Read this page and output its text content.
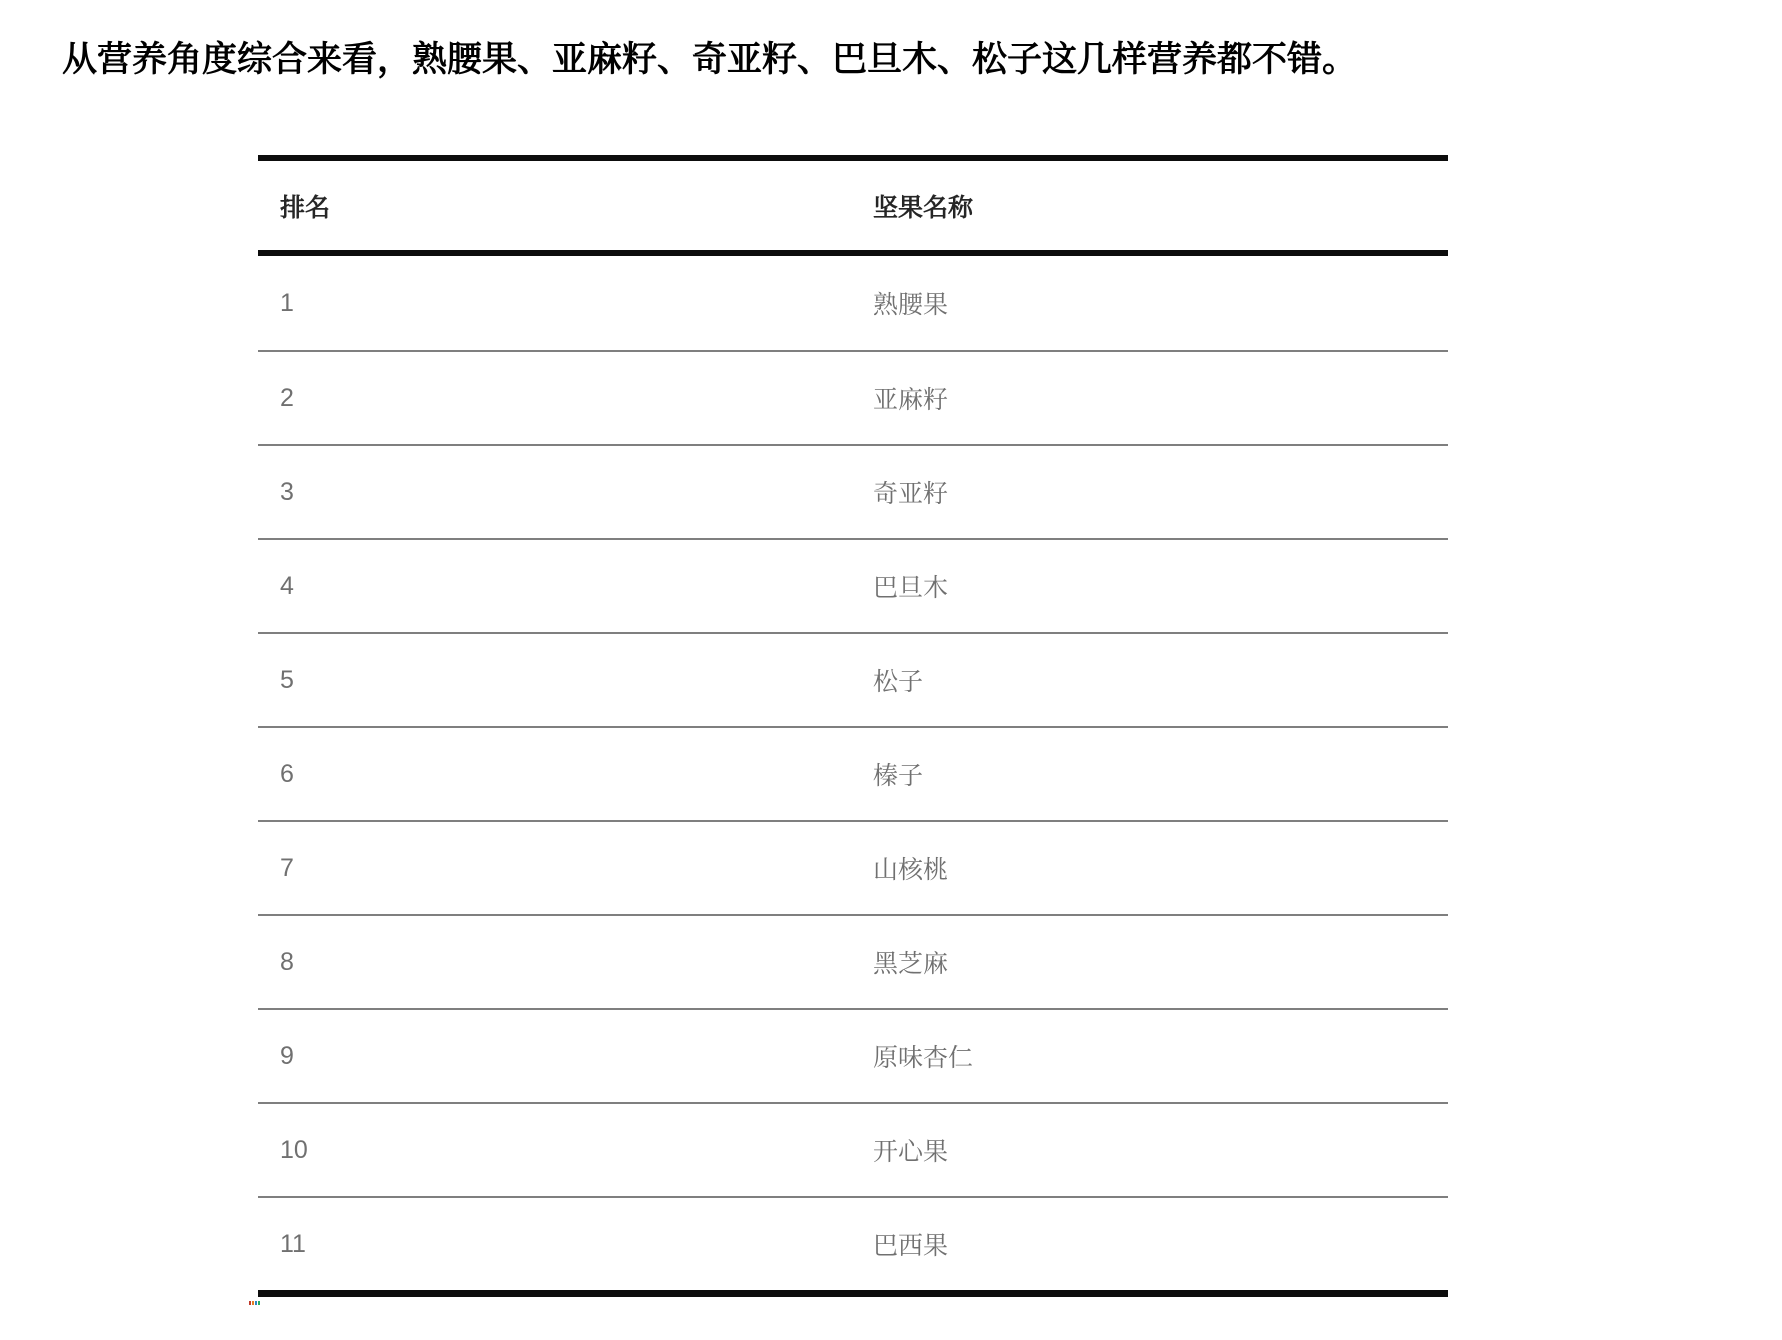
从营养角度综合来看，熟腰果、亚麻籽、奇亚籽、巴旦木、松子这几样营养都不错。

排名	坚果名称
1	熟腰果
2	亚麻籽
3	奇亚籽
4	巴旦木
5	松子
6	榛子
7	山核桃
8	黑芝麻
9	原味杏仁
10	开心果
11	巴西果
